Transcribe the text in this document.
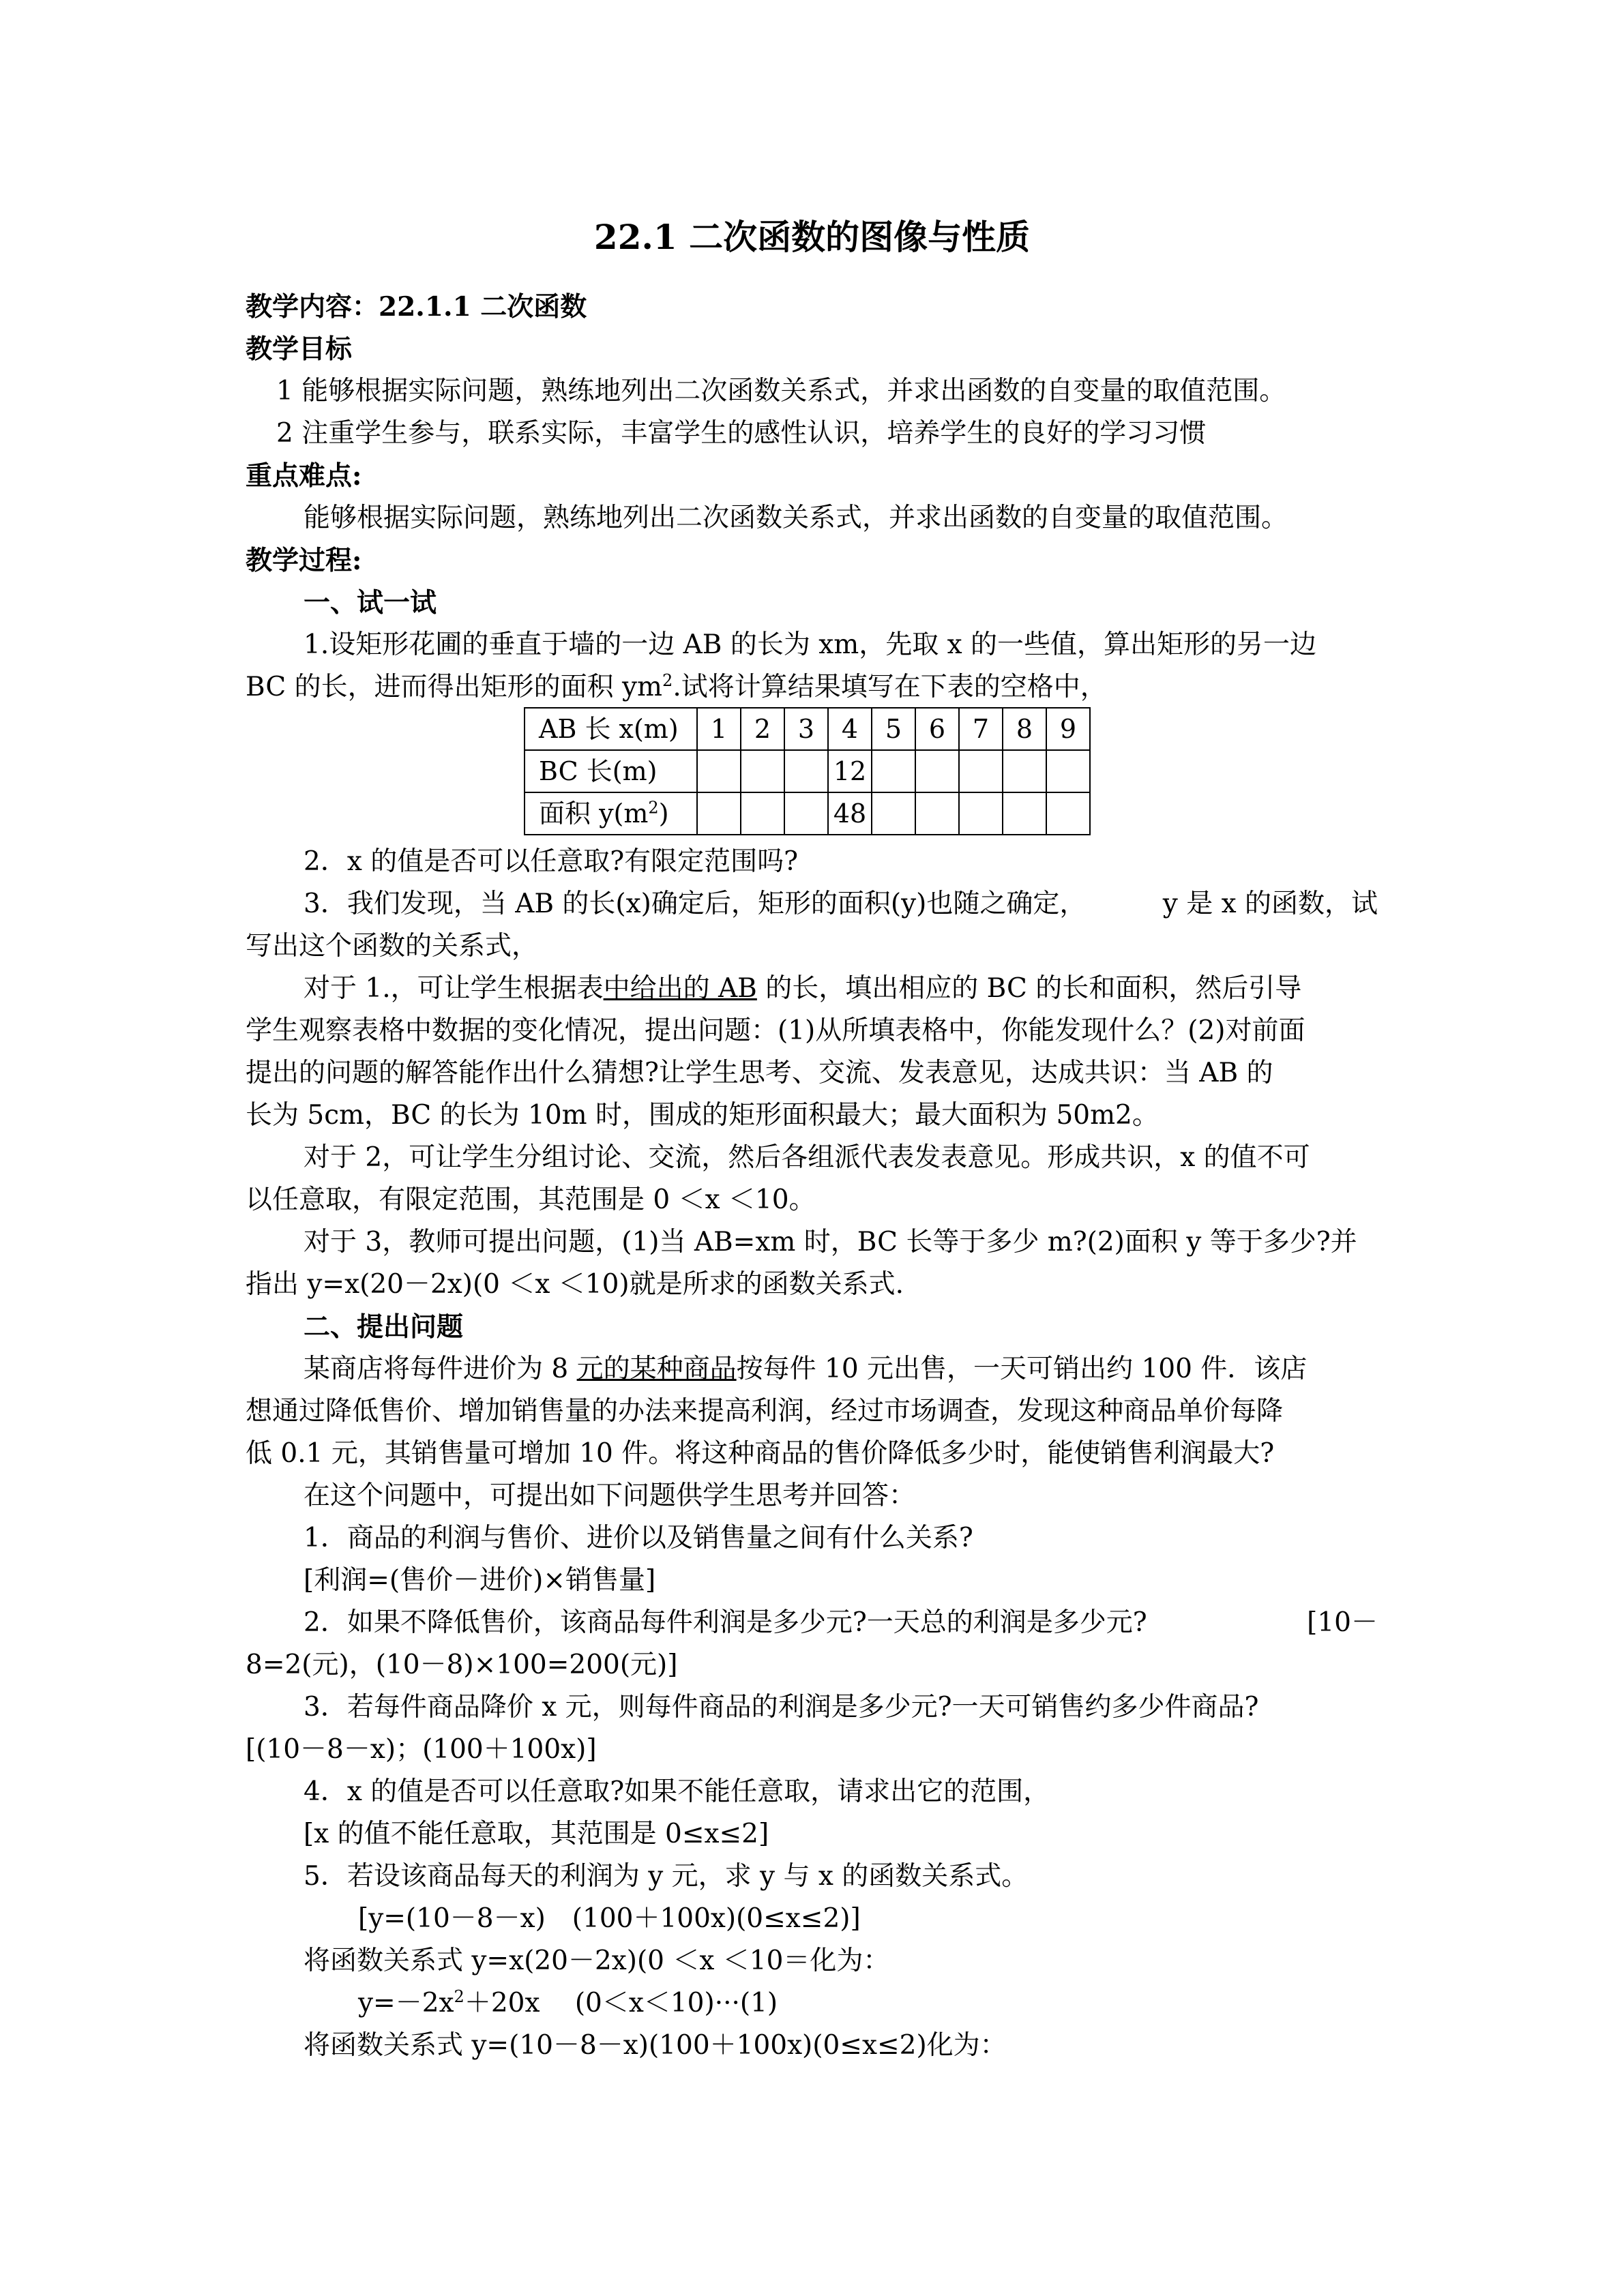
22.1 二次函数的图像与性质
教学内容：22.1.1 二次函数
教学目标
1 能够根据实际问题，熟练地列出二次函数关系式，并求出函数的自变量的取值范围。
2 注重学生参与，联系实际，丰富学生的感性认识，培养学生的良好的学习习惯
重点难点:
能够根据实际问题，熟练地列出二次函数关系式，并求出函数的自变量的取值范围。
教学过程:
一、试一试
1.设矩形花圃的垂直于墙的一边 AB 的长为 xm，先取 x 的一些值，算出矩形的另一边
BC 的长，进而得出矩形的面积 $ym^2$.试将计算结果填写在下表的空格中，
AB 长 x(m)	1	2	3	4	5	6	7	8	9
BC 长(m)				12					
面积 $y(m^2)$				48					
2．x 的值是否可以任意取?有限定范围吗?
3．我们发现，当 AB 的长(x)确定后，矩形的面积(y)也随之确定，	y 是 x 的函数，试
写出这个函数的关系式，
对于 1.，可让学生根据表中给出的 AB 的长，填出相应的 BC 的长和面积，然后引导
学生观察表格中数据的变化情况，提出问题：(1)从所填表格中，你能发现什么？(2)对前面
提出的问题的解答能作出什么猜想?让学生思考、交流、发表意见，达成共识：当 AB 的
长为 5cm，BC 的长为 10m 时，围成的矩形面积最大；最大面积为 50m2。
对于 2，可让学生分组讨论、交流，然后各组派代表发表意见。形成共识，x 的值不可
以任意取，有限定范围，其范围是 0 ＜x ＜10。
对于 3，教师可提出问题，(1)当 AB=xm 时，BC 长等于多少 m?(2)面积 y 等于多少?并
指出 y=x(20－2x)(0 ＜x ＜10)就是所求的函数关系式.
二、提出问题
某商店将每件进价为 8 元的某种商品按每件 10 元出售，一天可销出约 100 件．该店
想通过降低售价、增加销售量的办法来提高利润，经过市场调查，发现这种商品单价每降
低 0.1 元，其销售量可增加 10 件。将这种商品的售价降低多少时，能使销售利润最大?
在这个问题中，可提出如下问题供学生思考并回答：
1．商品的利润与售价、进价以及销售量之间有什么关系?
[利润=(售价－进价)×销售量]
2．如果不降低售价，该商品每件利润是多少元?一天总的利润是多少元?	[10－
8=2(元)，(10－8)×100=200(元)]
3．若每件商品降价 x 元，则每件商品的利润是多少元?一天可销售约多少件商品?
[(10－8－x)；(100＋100x)]
4．x 的值是否可以任意取?如果不能任意取，请求出它的范围，
[x 的值不能任意取，其范围是 0≤x≤2]
5．若设该商品每天的利润为 y 元，求 y 与 x 的函数关系式。
[y=(10－8－x)　(100＋100x)(0≤x≤2)]
将函数关系式 y=x(20－2x)(0 ＜x ＜10＝化为：
$y=-2x^2+20x$　 (0＜x＜10)···(1)
将函数关系式 y=(10－8－x)(100＋100x)(0≤x≤2)化为：
